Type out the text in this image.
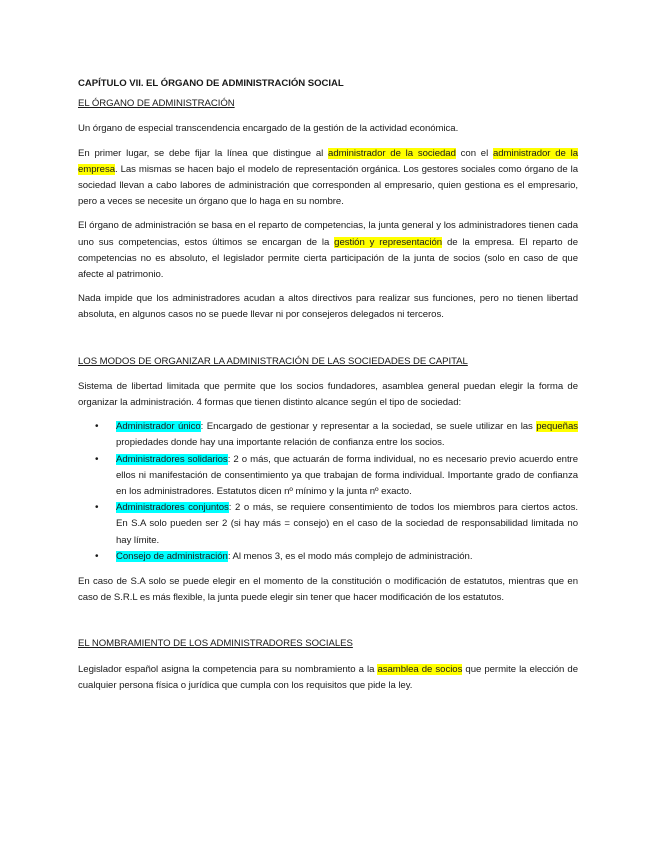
CAPÍTULO VII. EL ÓRGANO DE ADMINISTRACIÓN SOCIAL

EL ÓRGANO DE ADMINISTRACIÓN

Un órgano de especial transcendencia encargado de la gestión de la actividad económica.

En primer lugar, se debe fijar la línea que distingue al administrador de la sociedad con el administrador de la empresa. Las mismas se hacen bajo el modelo de representación orgánica. Los gestores sociales como órgano de la sociedad llevan a cabo labores de administración que corresponden al empresario, quien gestiona es el empresario, pero a veces se necesite un órgano que lo haga en su nombre.

El órgano de administración se basa en el reparto de competencias, la junta general y los administradores tienen cada uno sus competencias, estos últimos se encargan de la gestión y representación de la empresa. El reparto de competencias no es absoluto, el legislador permite cierta participación de la junta de socios (solo en caso de que afecte al patrimonio.

Nada impide que los administradores acudan a altos directivos para realizar sus funciones, pero no tienen libertad absoluta, en algunos casos no se puede llevar ni por consejeros delegados ni terceros.

LOS MODOS DE ORGANIZAR LA ADMINISTRACIÓN DE LAS SOCIEDADES DE CAPITAL

Sistema de libertad limitada que permite que los socios fundadores, asamblea general puedan elegir la forma de organizar la administración. 4 formas que tienen distinto alcance según el tipo de sociedad:

• Administrador único: Encargado de gestionar y representar a la sociedad, se suele utilizar en las pequeñas propiedades donde hay una importante relación de confianza entre los socios.
• Administradores solidarios: 2 o más, que actuarán de forma individual, no es necesario previo acuerdo entre ellos ni manifestación de consentimiento ya que trabajan de forma individual. Importante grado de confianza en los administradores. Estatutos dicen nº mínimo y la junta nº exacto.
• Administradores conjuntos: 2 o más, se requiere consentimiento de todos los miembros para ciertos actos. En S.A solo pueden ser 2 (si hay más = consejo) en el caso de la sociedad de responsabilidad limitada no hay límite.
• Consejo de administración: Al menos 3, es el modo más complejo de administración.

En caso de S.A solo se puede elegir en el momento de la constitución o modificación de estatutos, mientras que en caso de S.R.L es más flexible, la junta puede elegir sin tener que hacer modificación de los estatutos.

EL NOMBRAMIENTO DE LOS ADMINISTRADORES SOCIALES

Legislador español asigna la competencia para su nombramiento a la asamblea de socios que permite la elección de cualquier persona física o jurídica que cumpla con los requisitos que pide la ley.
